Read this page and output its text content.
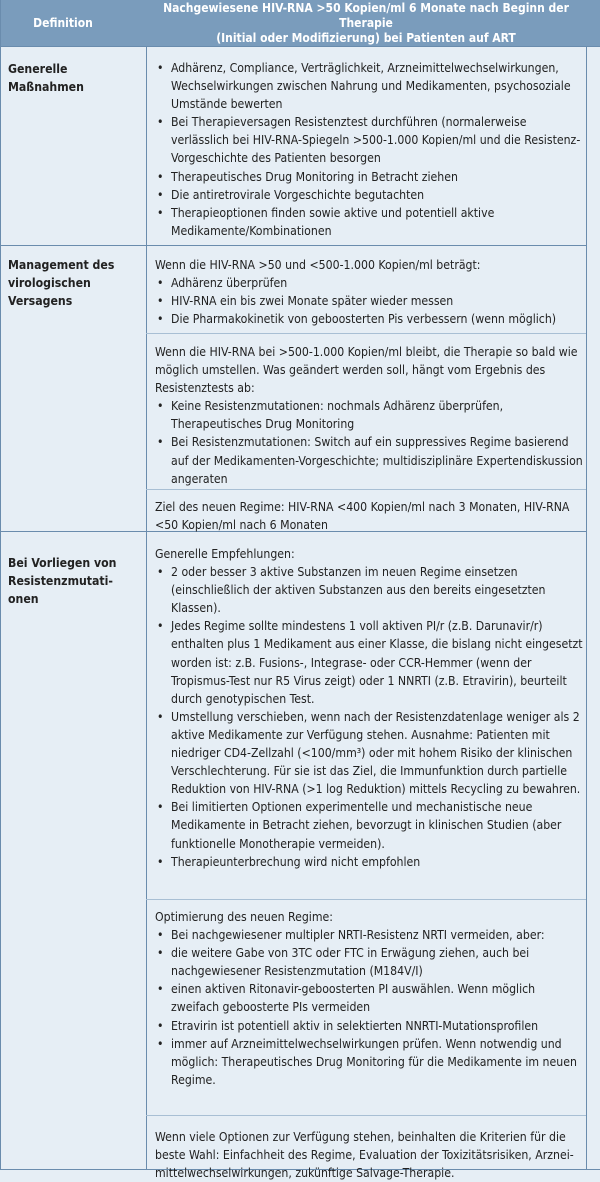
Definition
Nachgewiesene HIV-RNA >50 Kopien/ml 6 Monate nach Beginn der Therapie
(Initial oder Modifizierung) bei Patienten auf ART
Generelle
Maßnahmen
• Adhärenz, Compliance, Verträglichkeit, Arzneimittelwechselwirkungen, Wechselwirkungen zwischen Nahrung und Medikamenten, psychosoziale Umstände bewerten
• Bei Therapieversagen Resistenztest durchführen (normalerweise verlässlich bei HIV-RNA-Spiegeln >500-1.000 Kopien/ml und die Resistenz-Vorgeschichte des Patienten besorgen
• Therapeutisches Drug Monitoring in Betracht ziehen
• Die antiretrovirale Vorgeschichte begutachten
• Therapieoptionen finden sowie aktive und potentiell aktive Medikamente/Kombinationen
Management des
virologischen
Versagens

Wenn die HIV-RNA >50 und <500-1.000 Kopien/ml beträgt:

• Adhärenz überprüfen
• HIV-RNA ein bis zwei Monate später wieder messen
• Die Pharmakokinetik von geboosterten Pis verbessern (wenn möglich)

Wenn die HIV-RNA bei >500-1.000 Kopien/ml bleibt, die Therapie so bald wie möglich umstellen. Was geändert werden soll, hängt vom Ergebnis des Resistenztests ab:

• Keine Resistenzmutationen: nochmals Adhärenz überprüfen, Therapeutisches Drug Monitoring
• Bei Resistenzmutationen: Switch auf ein suppressives Regime basierend auf der Medikamenten-Vorgeschichte; multidisziplinäre Expertendiskussion angeraten

Ziel des neuen Regime: HIV-RNA <400 Kopien/ml nach 3 Monaten, HIV-RNA <50 Kopien/ml nach 6 Monaten

Bei Vorliegen von
Resistenzmutati-
onen

Generelle Empfehlungen:

• 2 oder besser 3 aktive Substanzen im neuen Regime einsetzen (einschließlich der aktiven Substanzen aus den bereits eingesetzten Klassen).
• Jedes Regime sollte mindestens 1 voll aktiven PI/r (z.B. Darunavir/r) enthalten plus 1 Medikament aus einer Klasse, die bislang nicht eingesetzt worden ist: z.B. Fusions-, Integrase- oder CCR-Hemmer (wenn der Tropismus-Test nur R5 Virus zeigt) oder 1 NNRTI (z.B. Etravirin), beurteilt durch genotypischen Test.
• Umstellung verschieben, wenn nach der Resistenzdatenlage weniger als 2 aktive Medikamente zur Verfügung stehen. Ausnahme: Patienten mit niedriger CD4-Zellzahl (<100/mm³) oder mit hohem Risiko der klinischen Verschlechterung. Für sie ist das Ziel, die Immunfunktion durch partielle Reduktion von HIV-RNA (>1 log Reduktion) mittels Recycling zu bewahren.
• Bei limitierten Optionen experimentelle und mechanistische neue Medikamente in Betracht ziehen, bevorzugt in klinischen Studien (aber funktionelle Monotherapie vermeiden).
• Therapieunterbrechung wird nicht empfohlen

Optimierung des neuen Regime:

• Bei nachgewiesener multipler NRTI-Resistenz NRTI vermeiden, aber:
• die weitere Gabe von 3TC oder FTC in Erwägung ziehen, auch bei nachgewiesener Resistenzmutation (M184V/I)
• einen aktiven Ritonavir-geboosterten PI auswählen. Wenn möglich zweifach geboosterte PIs vermeiden
• Etravirin ist potentiell aktiv in selektierten NNRTI-Mutationsprofilen
• immer auf Arzneimittelwechselwirkungen prüfen. Wenn notwendig und möglich: Therapeutisches Drug Monitoring für die Medikamente im neuen Regime.

Wenn viele Optionen zur Verfügung stehen, beinhalten die Kriterien für die beste Wahl: Einfachheit des Regime, Evaluation der Toxizitätsrisiken, Arznei-mittelwechselwirkungen, zukünftige Salvage-Therapie.
